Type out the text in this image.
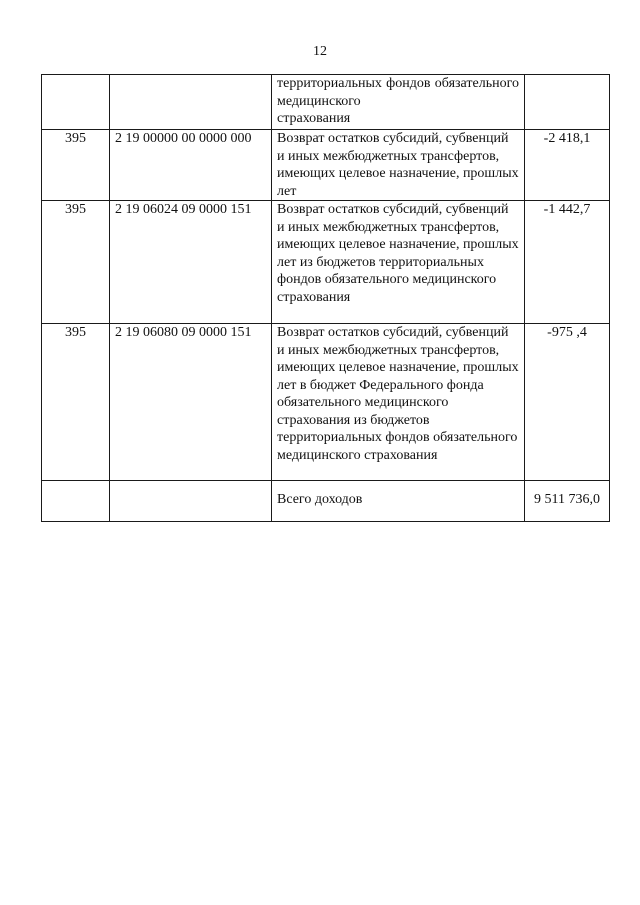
12
		территориальных фондов обязательного медицинского
страхования	

395	2 19 00000 00 0000 000	Возврат остатков субсидий, субвенций и иных межбюджетных трансфертов, имеющих целевое назначение, прошлых лет	-2 418,1
395	2 19 06024 09 0000 151	Возврат остатков субсидий, субвенций и иных межбюджетных трансфертов, имеющих целевое назначение, прошлых лет из бюджетов территориальных фондов обязательного медицинского страхования	-1 442,7
395	2 19 06080 09 0000 151	Возврат остатков субсидий, субвенций и иных межбюджетных трансфертов, имеющих целевое назначение, прошлых лет в бюджет Федерального фонда обязательного медицинского страхования из бюджетов территориальных фондов обязательного медицинского страхования	-975 ,4
		Всего доходов	9 511 736,0
